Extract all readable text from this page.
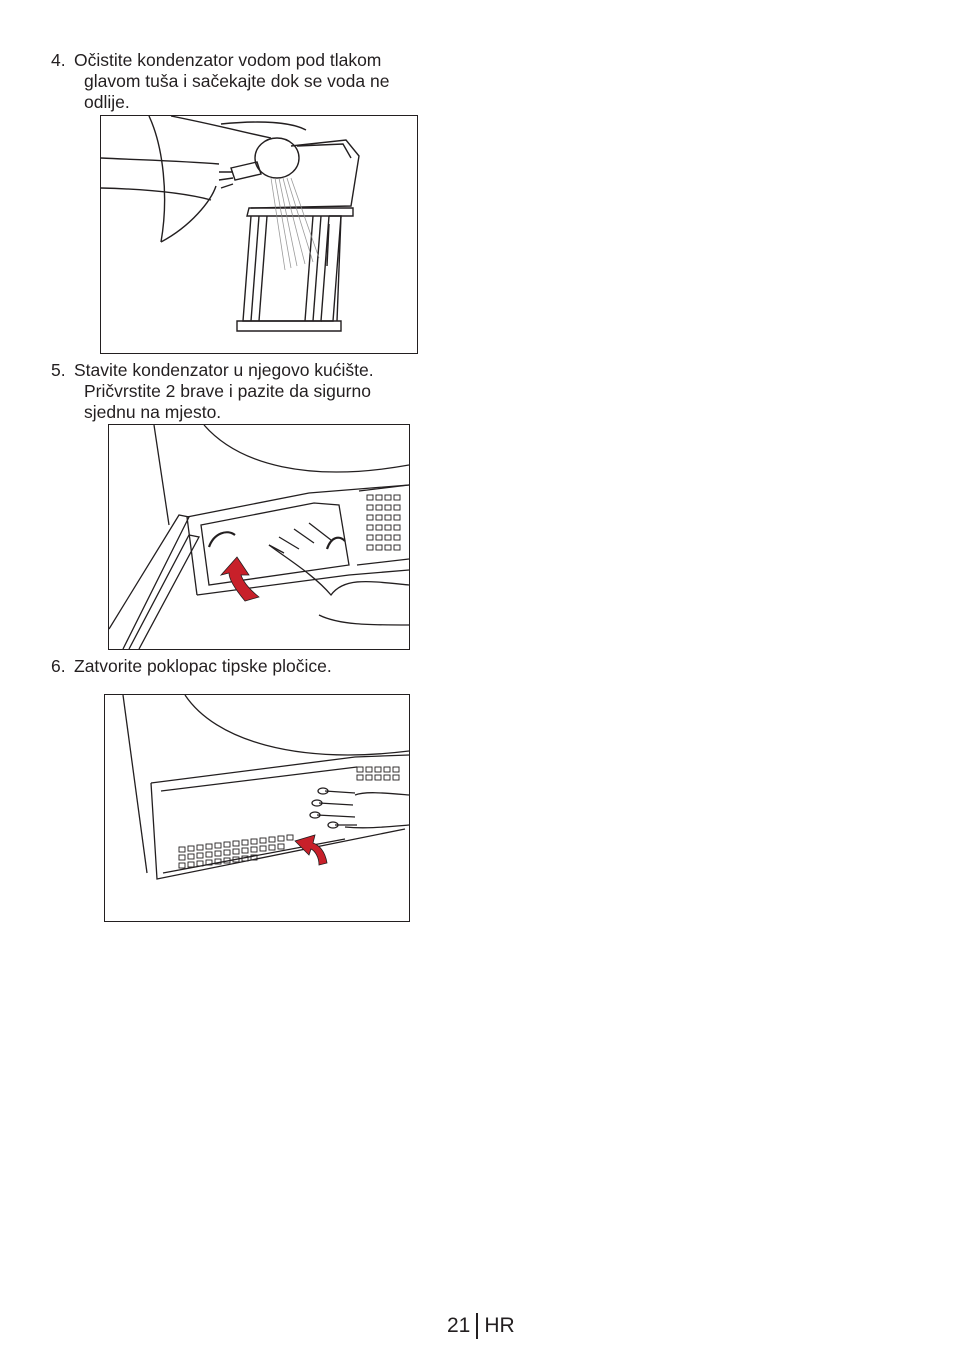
4. Očistite kondenzator vodom pod tlakom
glavom tuša i sačekajte dok se voda ne
odlije.
5. Stavite kondenzator u njegovo kućište.
Pričvrstite 2 brave i pazite da sigurno
sjednu na mjesto.
6. Zatvorite poklopac tipske pločice.
21 HR
